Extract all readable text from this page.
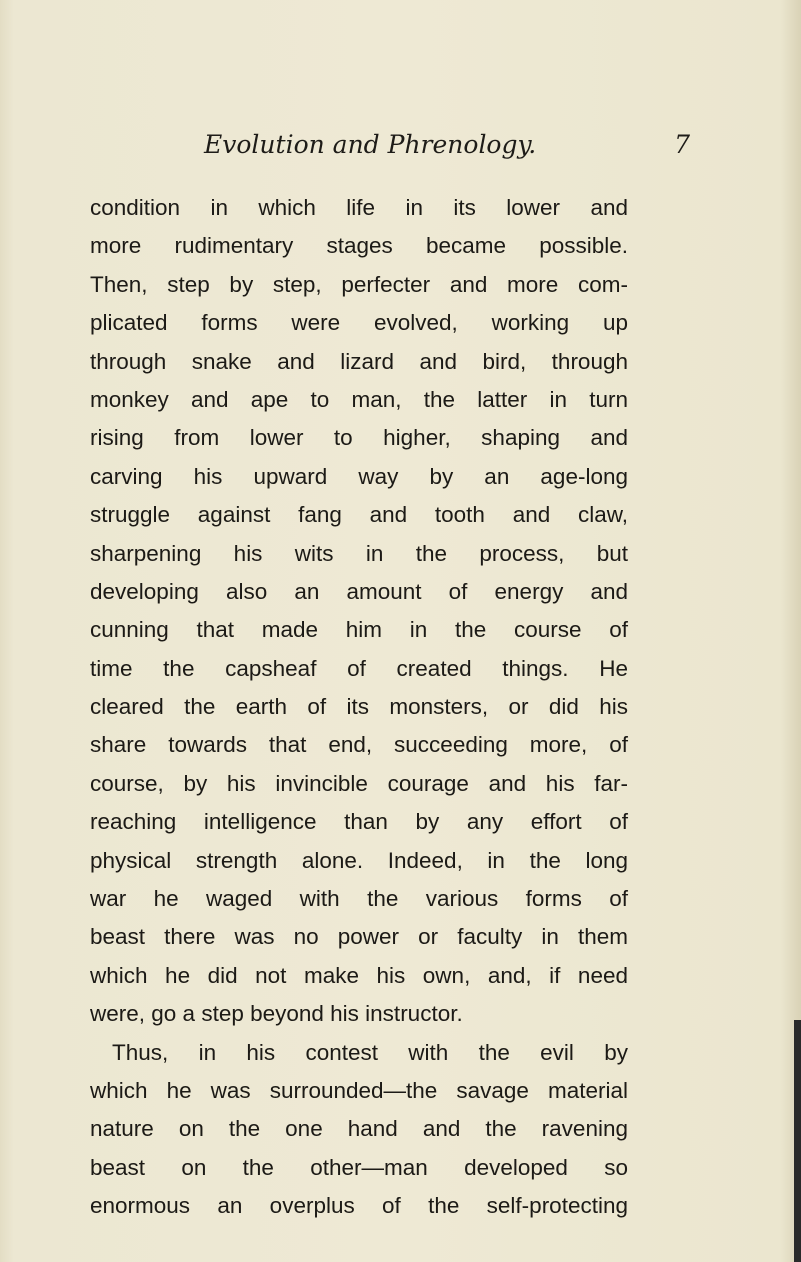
Evolution and Phrenology.	7
condition in which life in its lower and
more rudimentary stages became possible.
Then, step by step, perfecter and more com-
plicated forms were evolved, working up
through snake and lizard and bird, through
monkey and ape to man, the latter in turn
rising from lower to higher, shaping and
carving his upward way by an age-long
struggle against fang and tooth and claw,
sharpening his wits in the process, but
developing also an amount of energy and
cunning that made him in the course of
time the capsheaf of created things. He
cleared the earth of its monsters, or did his
share towards that end, succeeding more, of
course, by his invincible courage and his far-
reaching intelligence than by any effort of
physical strength alone. Indeed, in the long
war he waged with the various forms of
beast there was no power or faculty in them
which he did not make his own, and, if need
were, go a step beyond his instructor.
Thus, in his contest with the evil by
which he was surrounded—the savage material
nature on the one hand and the ravening
beast on the other—man developed so
enormous an overplus of the self-protecting
